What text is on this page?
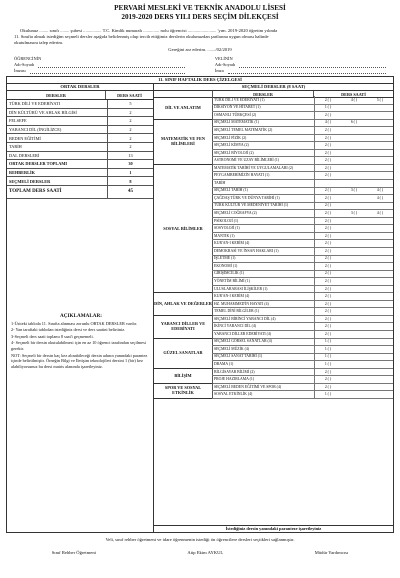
PERVARİ MESLEKİ VE TEKNİK ANADOLU LİSESİ
2019-2020 DERS YILI DERS SEÇİM DİLEKÇESİ
Okulunuz ........ sınıfı ........ şubesi ................ T.C. Kimlik numaralı .............. nolu öğrencisi ......................... 'yım. 2019-2020 öğretim yılında
11. Sınıfta almak istediğim seçmeli dersler aşağıda belirlenmiş olup tercih ettiğimiz derslerin okulunuzdan şartlarına uygun olması halinde
okutulmasını talep ederim.
Gereğini arz ederim. ......./02/2019
ÖĞRENCİNİN
Adı-Soyadı
İmzası
VELİNİN
Adı-Soyadı
İmza
11. SINIF HAFTALIK DERS ÇİZELGESİ
ORTAK DERSLER
DERSLER	DERS SAATİ
TÜRK DİLİ VE EDEBİYATI	5
DİN KÜLTÜRÜ VE AHLAK BİLGİSİ	2
FELSEFE	2
YABANCI DİL (İNGİLİZCE)	2
BEDEN EĞİTİMİ	2
TARİH	2
DAL DERSLERİ	13
ORTAK DERSLER TOPLAMI	30
REHBERLİK	1
SEÇMELİ DERSLER	8
TOPLAM DERS SAATİ	45
AÇIKLAMALAR:
1-Üstteki tabloda 11. Sınıfta alınması zorunlu ORTAK DERSLER vardır.
2- Yan taraftaki tablodan istediğiniz dersi ve ders saatini belirtiniz.
3-Seçmeli ders saati toplamı 8 saat'i geçmemeli.
4- Seçmeli bir dersin okutulabilmesi için en az 10 öğrenci tarafından seçilmesi gerekir.
NOT: Seçmeli bir dersin kaç kez alınabileceği dersin adının yanındaki parantez içinde belirtilmiştir. Örneğin Bilgi ve İletişim teknolojileri dersini 1 (bir) kez alabiliyorsunuz bu dersi matris alanında işaretleyiniz.
SEÇMELİ DERSLER (8 SAAT)
DERSLER	DERS SAATİ
İstediğiniz dersin yanındaki paranteze işaretleyiniz
DİL VE ANLATIM
TÜRK DİLİ VE EDEBİYATI (1)	2 ( )	4 ( )	5 ( )
DİKSİYON VE HİTABET (1)	1 ( )
OSMANLI TÜRKÇESİ (2)	2 ( )
MATEMATİK VE FEN BİLİMLERİ
SEÇMELİ MATEMATİK (1)	4 ( )	6 ( )
SEÇMELİ TEMEL MATEMATİK (2)	2 ( )
SEÇMELİ FİZİK (2)	2 ( )
SEÇMELİ KİMYA (2)	2 ( )
SEÇMELİ BİYOLOJİ (2)	2 ( )
ASTRONOMİ VE UZAY BİLİMLERİ (1)	2 ( )
SOSYAL BİLİMLER
MATEMATİK TARİHİ VE UYGULAMALARI (2)	2 ( )
PEYGAMBERİMİZİN HAYATI (1)	2 ( )
TARİH
SEÇMELİ TARİH (1)	2 ( )	3 ( )	4 ( )
ÇAĞDAŞ TÜRK VE DÜNYA TARİHİ (1)	2 ( )	4 ( )
TÜRK KÜLTÜR VE MEDENİYET TARİHİ (1)	2 ( )
SEÇMELİ COĞRAFYA (2)	2 ( )	3 ( )	4 ( )
PSİKOLOJİ (1)	2 ( )
SOSYOLOJİ (1)	2 ( )
MANTIK (1)	2 ( )
KUR'AN-I KERİM (4)	2 ( )
DEMOKRASİ VE İNSAN HAKLARI (1)	2 ( )
İŞLETME (1)	2 ( )
EKONOMİ (1)	2 ( )
GİRİŞİMCİLİK (1)	2 ( )
YÖNETİM BİLİMİ (1)	2 ( )
ULUSLARARASI İLİŞKİLER (1)	2 ( )
DİN, AHLAK VE DEĞERLER
KUR'AN-I KERİM (4)	2 ( )
HZ. MUHAMMED'İN HAYATI (4)	2 ( )
TEMEL DİNİ BİLGİLER (1)	2 ( )
YABANCI DİLLER VE EDEBİYATI
SEÇMELİ BİRİNCİ YABANCI DİL (4)	2 ( )
İKİNCİ YABANCI DİL (4)	2 ( )
YABANCI DİLLER EDEBİYATI (4)	2 ( )
GÜZEL SANATLAR
SEÇMELİ GÖRSEL SANATLAR (4)	1 ( )
SEÇMELİ MÜZİK (4)	1 ( )
SEÇMELİ SANAT TARİHİ (1)	1 ( )
DRAMA (1)	1 ( )
BİLİŞİM
BİLGİSAYAR BİLİMİ (2)	2 ( )
PROJE HAZIRLAMA (1)	2 ( )
SPOR VE SOSYAL ETKİNLİK
SEÇMELİ BEDEN EĞİTİMİ VE SPOR (4)	2 ( )
SOSYAL ETKİNLİK (4)	1 ( )
Veli, sınıf rehber öğretmeni ve idare öğrenmenin istediği ön öğrencilere dersleri seçtikleri sağlanmıştır.
Sınıf Rehber Öğretmeni	Atip Ekim AYKUL	Müdür Yardımcısı
